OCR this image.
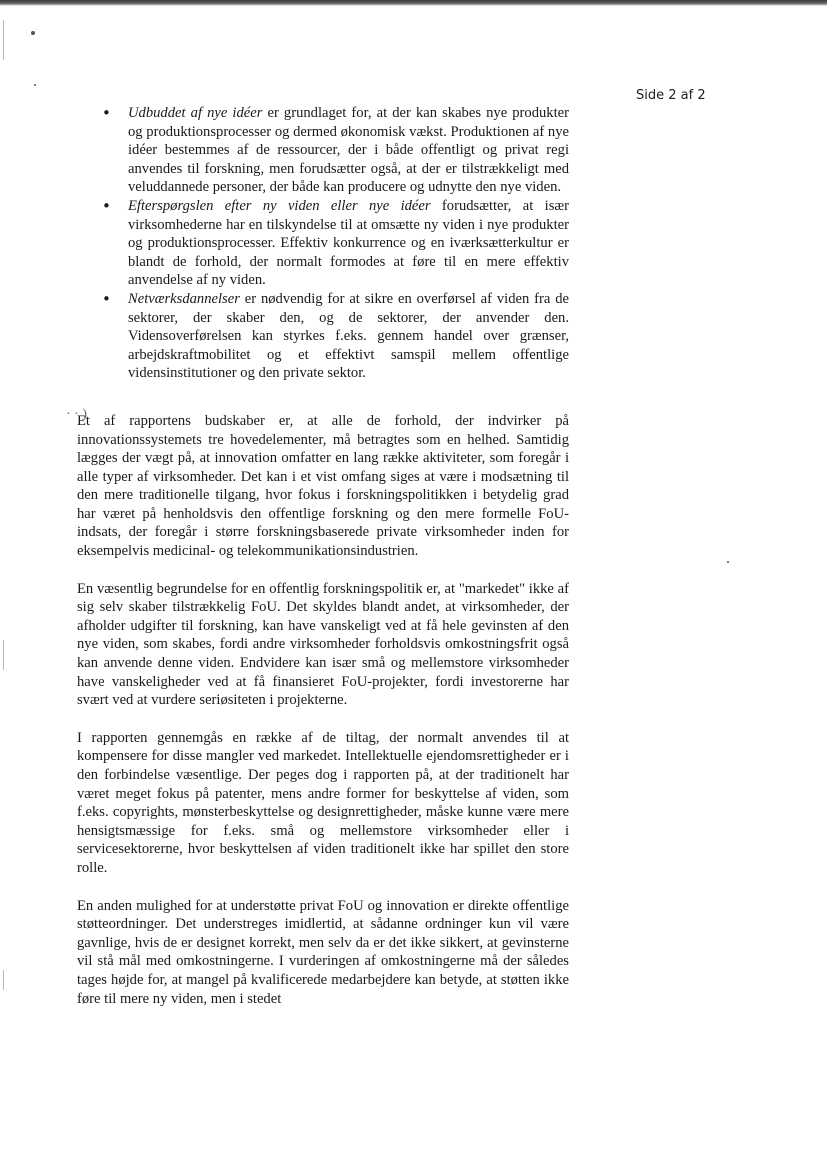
· · )
Side 2 af 2
• Udbuddet af nye idéer er grundlaget for, at der kan skabes nye produkter og produktionsprocesser og dermed økonomisk vækst. Produktionen af nye idéer bestemmes af de ressourcer, der i både offentligt og privat regi anvendes til forskning, men forudsætter også, at der er tilstrækkeligt med veluddannede personer, der både kan producere og udnytte den nye viden.
• Efterspørgslen efter ny viden eller nye idéer forudsætter, at især virksomhederne har en tilskyndelse til at omsætte ny viden i nye produkter og produktionsprocesser. Effektiv konkurrence og en iværksætterkultur er blandt de forhold, der normalt formodes at føre til en mere effektiv anvendelse af ny viden.
• Netværksdannelser er nødvendig for at sikre en overførsel af viden fra de sektorer, der skaber den, og de sektorer, der anvender den. Vidensoverførelsen kan styrkes f.eks. gennem handel over grænser, arbejdskraftmobilitet og et effektivt samspil mellem offentlige vidensinstitutioner og den private sektor.

Et af rapportens budskaber er, at alle de forhold, der indvirker på innovationssystemets tre hovedelementer, må betragtes som en helhed. Samtidig lægges der vægt på, at innovation omfatter en lang række aktiviteter, som foregår i alle typer af virksomheder. Det kan i et vist omfang siges at være i modsætning til den mere traditionelle tilgang, hvor fokus i forskningspolitikken i betydelig grad har været på henholdsvis den offentlige forskning og den mere formelle FoU-indsats, der foregår i større forskningsbaserede private virksomheder inden for eksempelvis medicinal- og telekommunikationsindustrien.

En væsentlig begrundelse for en offentlig forskningspolitik er, at "markedet" ikke af sig selv skaber tilstrækkelig FoU. Det skyldes blandt andet, at virksomheder, der afholder udgifter til forskning, kan have vanskeligt ved at få hele gevinsten af den nye viden, som skabes, fordi andre virksomheder forholdsvis omkostningsfrit også kan anvende denne viden. Endvidere kan især små og mellemstore virksomheder have vanskeligheder ved at få finansieret FoU-projekter, fordi investorerne har svært ved at vurdere seriøsiteten i projekterne.

I rapporten gennemgås en række af de tiltag, der normalt anvendes til at kompensere for disse mangler ved markedet. Intellektuelle ejendomsrettigheder er i den forbindelse væsentlige. Der peges dog i rapporten på, at der traditionelt har været meget fokus på patenter, mens andre former for beskyttelse af viden, som f.eks. copyrights, mønsterbeskyttelse og designrettigheder, måske kunne være mere hensigtsmæssige for f.eks. små og mellemstore virksomheder eller i servicesektorerne, hvor beskyttelsen af viden traditionelt ikke har spillet den store rolle.

En anden mulighed for at understøtte privat FoU og innovation er direkte offentlige støtteordninger. Det understreges imidlertid, at sådanne ordninger kun vil være gavnlige, hvis de er designet korrekt, men selv da er det ikke sikkert, at gevinsterne vil stå mål med omkostningerne. I vurderingen af omkostningerne må der således tages højde for, at mangel på kvalificerede medarbejdere kan betyde, at støtten ikke føre til mere ny viden, men i stedet
